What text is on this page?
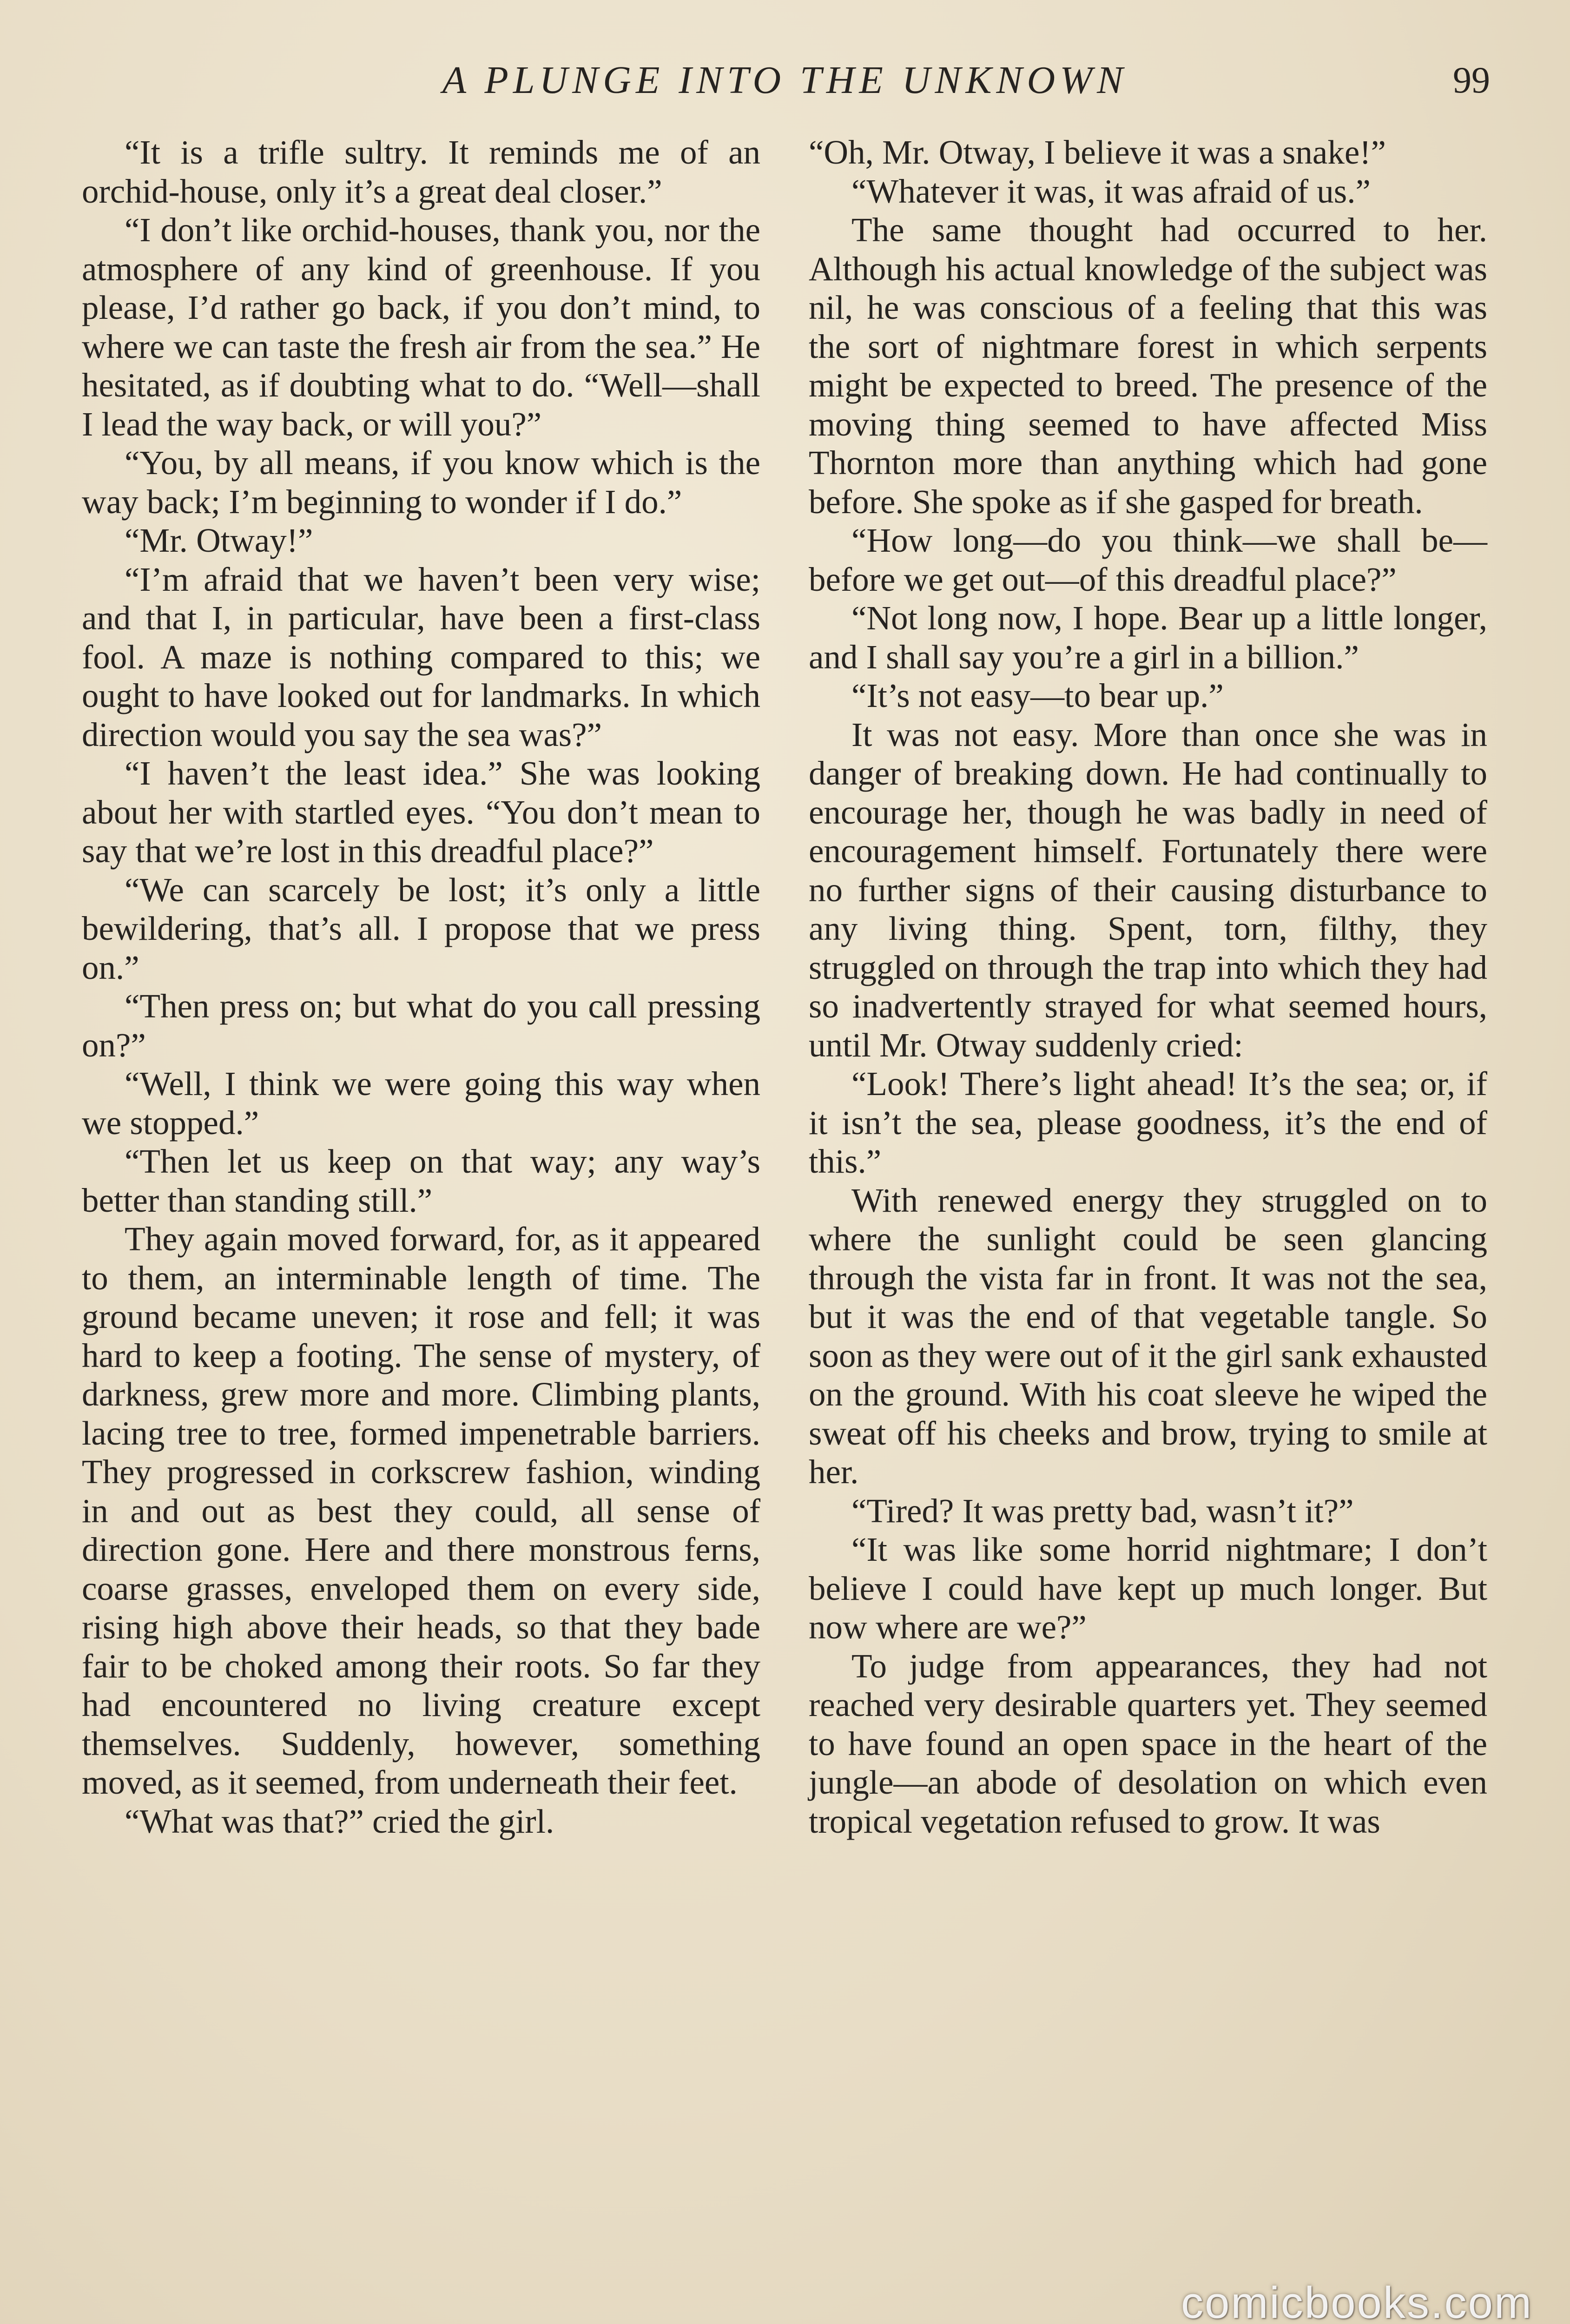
A PLUNGE INTO THE UNKNOWN	99

“It is a trifle sultry. It reminds me of an orchid-house, only it’s a great deal closer.”

“I don’t like orchid-houses, thank you, nor the atmosphere of any kind of greenhouse. If you please, I’d rather go back, if you don’t mind, to where we can taste the fresh air from the sea.” He hesitated, as if doubting what to do. “Well—shall I lead the way back, or will you?”

“You, by all means, if you know which is the way back; I’m beginning to wonder if I do.”

“Mr. Otway!”

“I’m afraid that we haven’t been very wise; and that I, in particular, have been a first-class fool. A maze is nothing compared to this; we ought to have looked out for landmarks. In which direction would you say the sea was?”

“I haven’t the least idea.” She was looking about her with startled eyes. “You don’t mean to say that we’re lost in this dreadful place?”

“We can scarcely be lost; it’s only a little bewildering, that’s all. I propose that we press on.”

“Then press on; but what do you call pressing on?”

“Well, I think we were going this way when we stopped.”

“Then let us keep on that way; any way’s better than standing still.”

They again moved forward, for, as it appeared to them, an interminable length of time. The ground became uneven; it rose and fell; it was hard to keep a footing. The sense of mystery, of darkness, grew more and more. Climbing plants, lacing tree to tree, formed impenetrable barriers. They progressed in corkscrew fashion, winding in and out as best they could, all sense of direction gone. Here and there monstrous ferns, coarse grasses, enveloped them on every side, rising high above their heads, so that they bade fair to be choked among their roots. So far they had encountered no living creature except themselves. Suddenly, however, something moved, as it seemed, from underneath their feet.

“What was that?” cried the girl.

“Oh, Mr. Otway, I believe it was a snake!”

“Whatever it was, it was afraid of us.”

The same thought had occurred to her. Although his actual knowledge of the subject was nil, he was conscious of a feeling that this was the sort of nightmare forest in which serpents might be expected to breed. The presence of the moving thing seemed to have affected Miss Thornton more than anything which had gone before. She spoke as if she gasped for breath.

“How long—do you think—we shall be—before we get out—of this dreadful place?”

“Not long now, I hope. Bear up a little longer, and I shall say you’re a girl in a billion.”

“It’s not easy—to bear up.”

It was not easy. More than once she was in danger of breaking down. He had continually to encourage her, though he was badly in need of encouragement himself. Fortunately there were no further signs of their causing disturbance to any living thing. Spent, torn, filthy, they struggled on through the trap into which they had so inadvertently strayed for what seemed hours, until Mr. Otway suddenly cried:

“Look! There’s light ahead! It’s the sea; or, if it isn’t the sea, please goodness, it’s the end of this.”

With renewed energy they struggled on to where the sunlight could be seen glancing through the vista far in front. It was not the sea, but it was the end of that vegetable tangle. So soon as they were out of it the girl sank exhausted on the ground. With his coat sleeve he wiped the sweat off his cheeks and brow, trying to smile at her.

“Tired? It was pretty bad, wasn’t it?”

“It was like some horrid nightmare; I don’t believe I could have kept up much longer. But now where are we?”

To judge from appearances, they had not reached very desirable quarters yet. They seemed to have found an open space in the heart of the jungle—an abode of desolation on which even tropical vegetation refused to grow. It was

comicbooks.com
